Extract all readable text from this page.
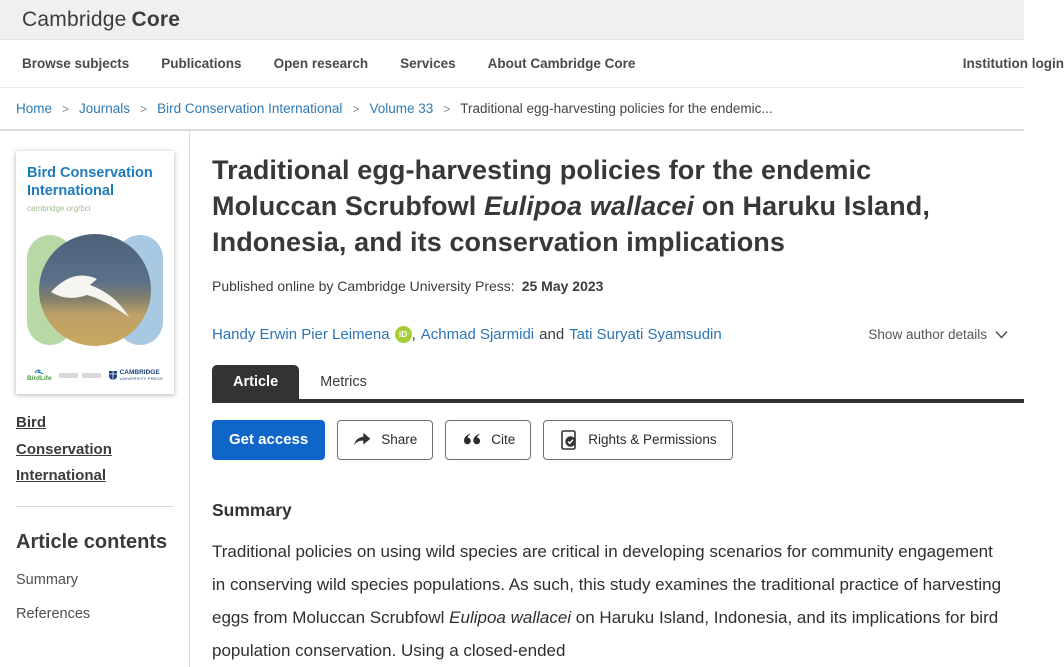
Cambridge Core
Browse subjects Publications Open research Services About Cambridge Core	Institution login
Home > Journals > Bird Conservation International > Volume 33 > Traditional egg-harvesting policies for the endemic...
Bird Conservation International
cambridge org/bci
BirdLife
CAMBRIDGE
UNIVERSITY PRESS
Bird Conservation International
Article contents
Summary
References
Traditional egg-harvesting policies for the endemic Moluccan Scrubfowl Eulipoa wallacei on Haruku Island, Indonesia, and its conservation implications

Published online by Cambridge University Press: 25 May 2023

Handy Erwin Pier Leimena	iD , Achmad Sjarmidi and Tati Suryati Syamsudin	Show author details
Article	Metrics
Get access	Share	Cite	Rights & Permissions
Summary

Traditional policies on using wild species are critical in developing scenarios for community engagement in conserving wild species populations. As such, this study examines the traditional practice of harvesting eggs from Moluccan Scrubfowl Eulipoa wallacei on Haruku Island, Indonesia, and its implications for bird population conservation. Using a closed-ended
